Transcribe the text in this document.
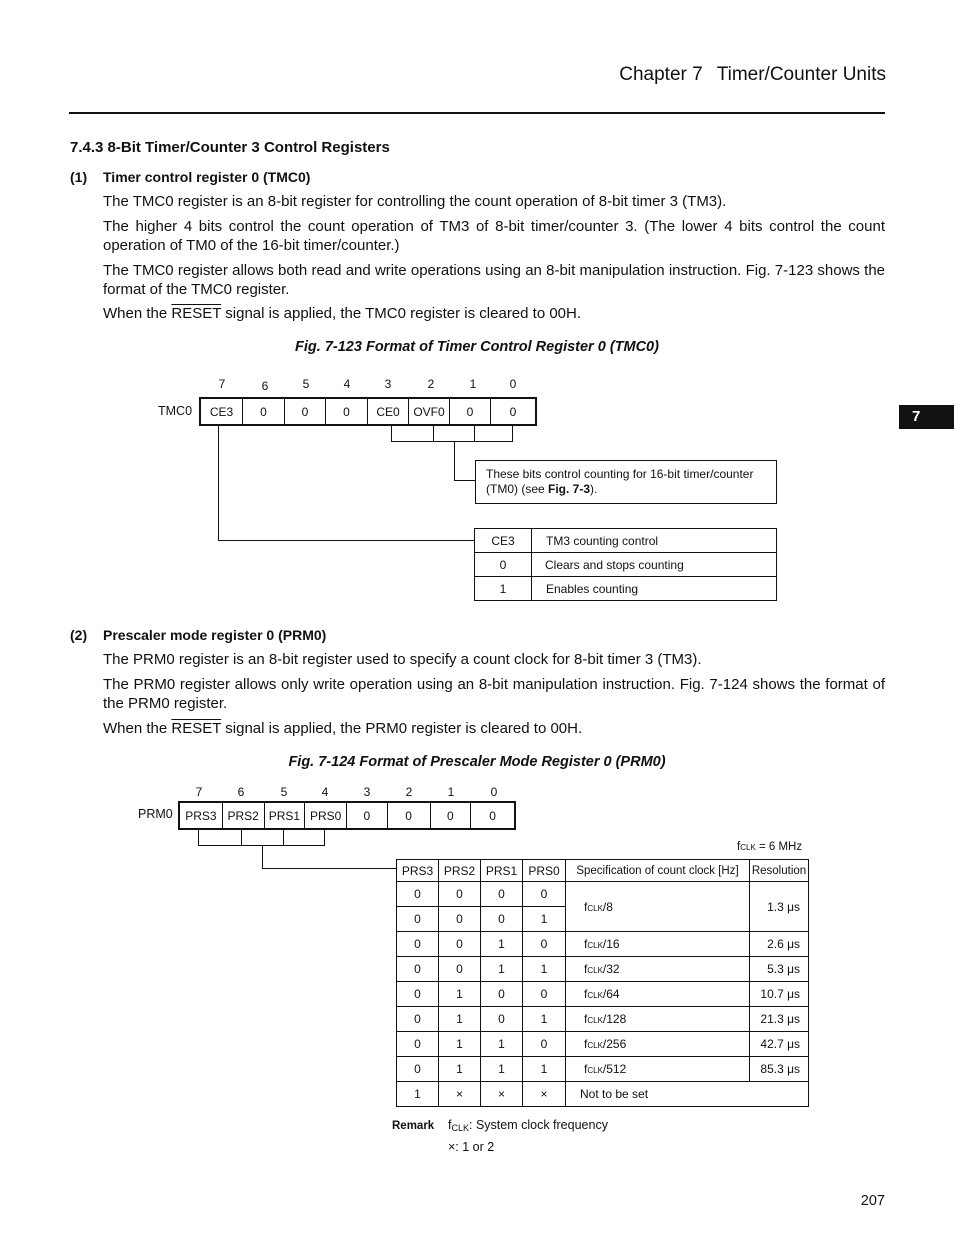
Chapter 7 Timer/Counter Units
7
7.4.3 8-Bit Timer/Counter 3 Control Registers
(1) Timer control register 0 (TMC0)
The TMC0 register is an 8-bit register for controlling the count operation of 8-bit timer 3 (TM3).
The higher 4 bits control the count operation of TM3 of 8-bit timer/counter 3. (The lower 4 bits control the count operation of TM0 of the 16-bit timer/counter.)
The TMC0 register allows both read and write operations using an 8-bit manipulation instruction. Fig. 7-123 shows the format of the TMC0 register.
When the RESET signal is applied, the TMC0 register is cleared to 00H.
Fig. 7-123 Format of Timer Control Register 0 (TMC0)
7	6	5	4	3	2	1	0
TMC0	CE3	0	0	0	CE0	OVF0	0	0
These bits control counting for 16-bit timer/counter (TM0) (see Fig. 7-3).
CE3	TM3 counting control
0	Clears and stops counting
1	Enables counting
(2) Prescaler mode register 0 (PRM0)
The PRM0 register is an 8-bit register used to specify a count clock for 8-bit timer 3 (TM3).
The PRM0 register allows only write operation using an 8-bit manipulation instruction. Fig. 7-124 shows the format of the PRM0 register.
When the RESET signal is applied, the PRM0 register is cleared to 00H.
Fig. 7-124 Format of Prescaler Mode Register 0 (PRM0)
7	6	5	4	3	2	1	0
PRM0	PRS3 PRS2 PRS1 PRS0	0	0	0	0
fCLK = 6 MHz
PRS3	PRS2	PRS1	PRS0	Specification of count clock [Hz]	Resolution
0	0	0	0	fCLK/8	1.3 μs
0	0	0	1		
0	0	1	0	fCLK/16	2.6 μs
0	0	1	1	fCLK/32	5.3 μs
0	1	0	0	fCLK/64	10.7 μs
0	1	0	1	fCLK/128	21.3 μs
0	1	1	0	fCLK/256	42.7 μs
0	1	1	1	fCLK/512	85.3 μs
1	×	×	×	Not to be set	
Remark fCLK: System clock frequency
×: 1 or 2
207
